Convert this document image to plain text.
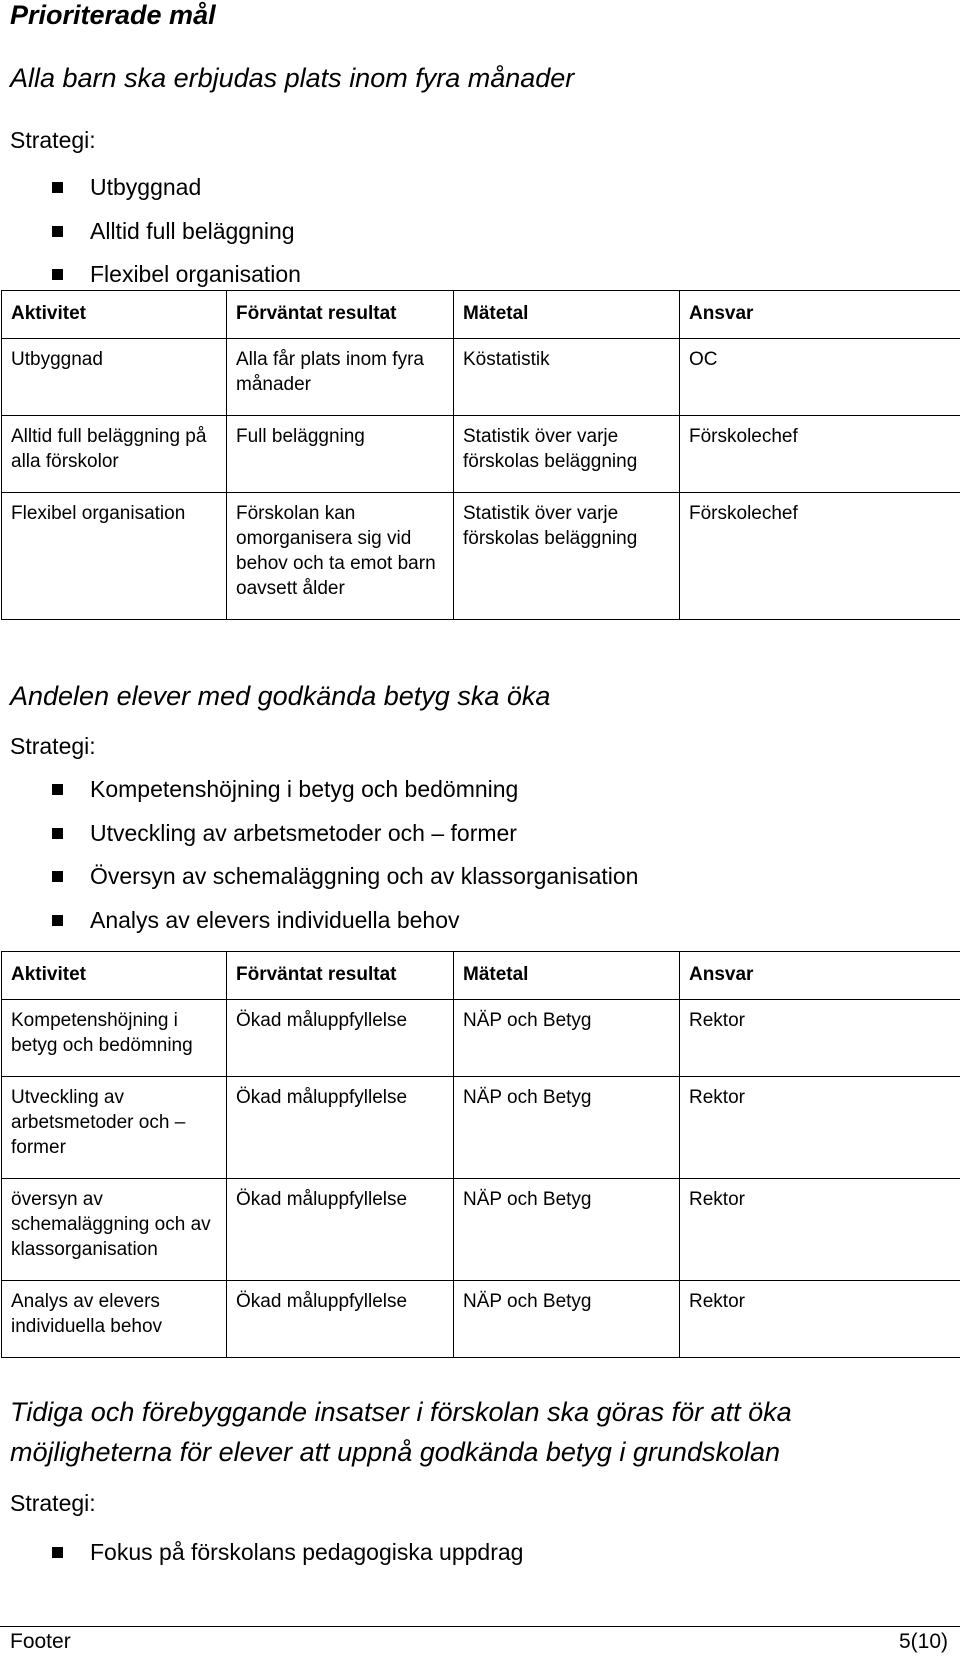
Prioriterade mål

Alla barn ska erbjudas plats inom fyra månader

Strategi:

Utbyggnad
Alltid full beläggning
Flexibel organisation
Aktivitet	Förväntat resultat	Mätetal	Ansvar
Utbyggnad	Alla får plats inom fyra månader	Köstatistik	OC
Alltid full beläggning på alla förskolor	Full beläggning	Statistik över varje förskolas beläggning	Förskolechef
Flexibel organisation	Förskolan kan omorganisera sig vid behov och ta emot barn oavsett ålder	Statistik över varje förskolas beläggning	Förskolechef

Andelen elever med godkända betyg ska öka

Strategi:

Kompetenshöjning i betyg och bedömning
Utveckling av arbetsmetoder och – former
Översyn av schemaläggning och av klassorganisation
Analys av elevers individuella behov
Aktivitet	Förväntat resultat	Mätetal	Ansvar
Kompetenshöjning i betyg och bedömning	Ökad måluppfyllelse	NÄP och Betyg	Rektor
Utveckling av arbetsmetoder och – former	Ökad måluppfyllelse	NÄP och Betyg	Rektor
översyn av schemaläggning och av klassorganisation	Ökad måluppfyllelse	NÄP och Betyg	Rektor
Analys av elevers individuella behov	Ökad måluppfyllelse	NÄP och Betyg	Rektor

Tidiga och förebyggande insatser i förskolan ska göras för att öka möjligheterna för elever att uppnå godkända betyg i grundskolan

Strategi:

Fokus på förskolans pedagogiska uppdrag
Footer	5(10)
